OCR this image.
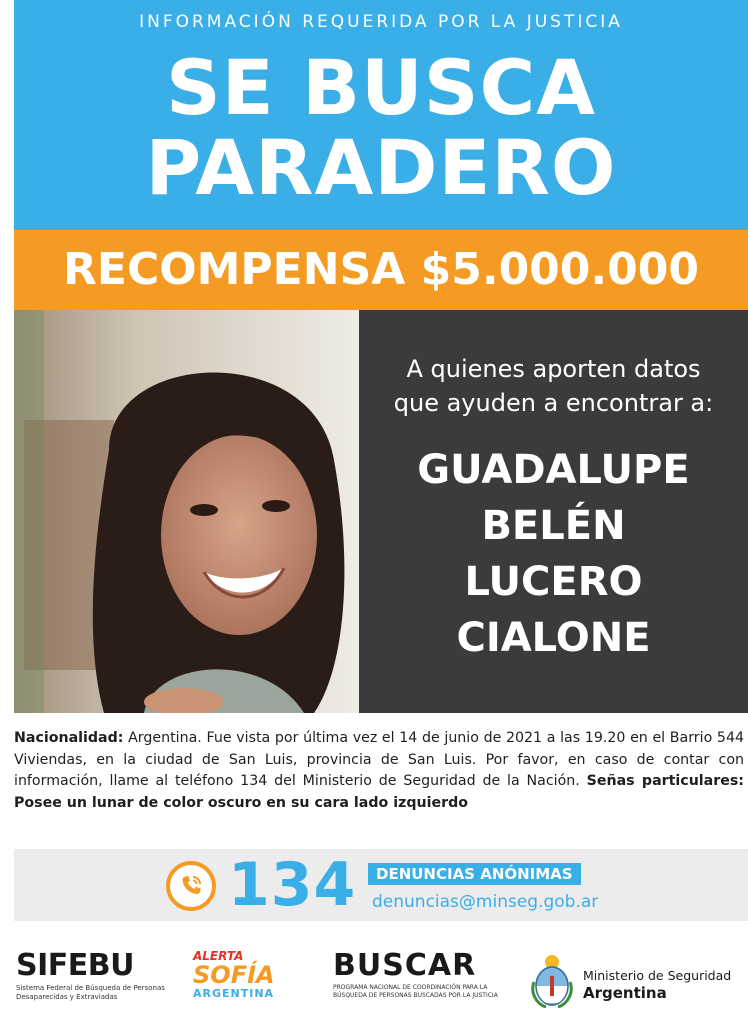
INFORMACIÓN REQUERIDA POR LA JUSTICIA
SE BUSCA
PARADERO
RECOMPENSA $5.000.000
A quienes aporten datos
que ayuden a encontrar a:
GUADALUPE
BELÉN
LUCERO
CIALONE
Nacionalidad: Argentina. Fue vista por última vez el 14 de junio de 2021 a las 19.20 en el Barrio 544 Viviendas, en la ciudad de San Luis, provincia de San Luis. Por favor, en caso de contar con información, llame al teléfono 134 del Ministerio de Seguridad de la Nación. Señas particulares: Posee un lunar de color oscuro en su cara lado izquierdo
134	DENUNCIAS ANÓNIMAS
denuncias@minseg.gob.ar
SIFEBU
Sistema Federal de Búsqueda de Personas Desaparecidas y Extraviadas
ALERTA
SOFÍA
ARGENTINA
BUSCAR
PROGRAMA NACIONAL DE COORDINACIÓN PARA LA BÚSQUEDA DE PERSONAS BUSCADAS POR LA JUSTICIA
Ministerio de Seguridad
Argentina
